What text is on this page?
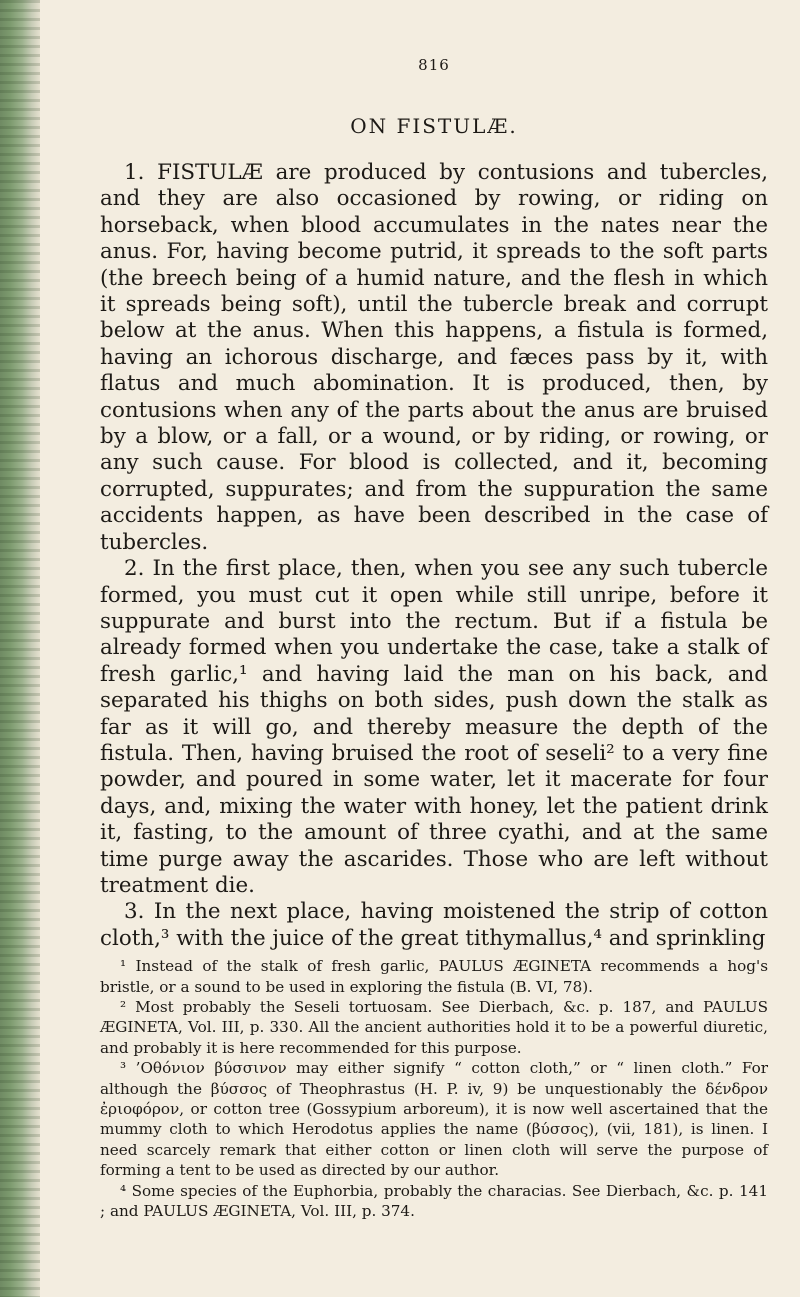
816
ON FISTULÆ.

1. FISTULÆ are produced by contusions and tubercles, and they are also occasioned by rowing, or riding on horseback, when blood accumulates in the nates near the anus. For, having become putrid, it spreads to the soft parts (the breech being of a humid nature, and the flesh in which it spreads being soft), until the tubercle break and corrupt below at the anus. When this happens, a fistula is formed, having an ichorous discharge, and fæces pass by it, with flatus and much abomination. It is produced, then, by contusions when any of the parts about the anus are bruised by a blow, or a fall, or a wound, or by riding, or rowing, or any such cause. For blood is collected, and it, becoming corrupted, suppurates; and from the suppuration the same accidents happen, as have been described in the case of tubercles.

2. In the first place, then, when you see any such tubercle formed, you must cut it open while still unripe, before it suppurate and burst into the rectum. But if a fistula be already formed when you undertake the case, take a stalk of fresh garlic,¹ and having laid the man on his back, and separated his thighs on both sides, push down the stalk as far as it will go, and thereby measure the depth of the fistula. Then, having bruised the root of seseli² to a very fine powder, and poured in some water, let it macerate for four days, and, mixing the water with honey, let the patient drink it, fasting, to the amount of three cyathi, and at the same time purge away the ascarides. Those who are left without treatment die.

3. In the next place, having moistened the strip of cotton cloth,³ with the juice of the great tithymallus,⁴ and sprinkling

¹ Instead of the stalk of fresh garlic, PAULUS ÆGINETA recommends a hog's bristle, or a sound to be used in exploring the fistula (B. VI, 78).

² Most probably the Seseli tortuosam. See Dierbach, &c. p. 187, and PAULUS ÆGINETA, Vol. III, p. 330. All the ancient authorities hold it to be a powerful diuretic, and probably it is here recommended for this purpose.

³ ’Οθόνιον βύσσινον may either signify “ cotton cloth,” or “ linen cloth.” For although the βύσσος of Theophrastus (H. P. iv, 9) be unquestionably the δένδρον ἐριοφόρον, or cotton tree (Gossypium arboreum), it is now well ascertained that the mummy cloth to which Herodotus applies the name (βύσσος), (vii, 181), is linen. I need scarcely remark that either cotton or linen cloth will serve the purpose of forming a tent to be used as directed by our author.

⁴ Some species of the Euphorbia, probably the characias. See Dierbach, &c. p. 141 ; and PAULUS ÆGINETA, Vol. III, p. 374.
